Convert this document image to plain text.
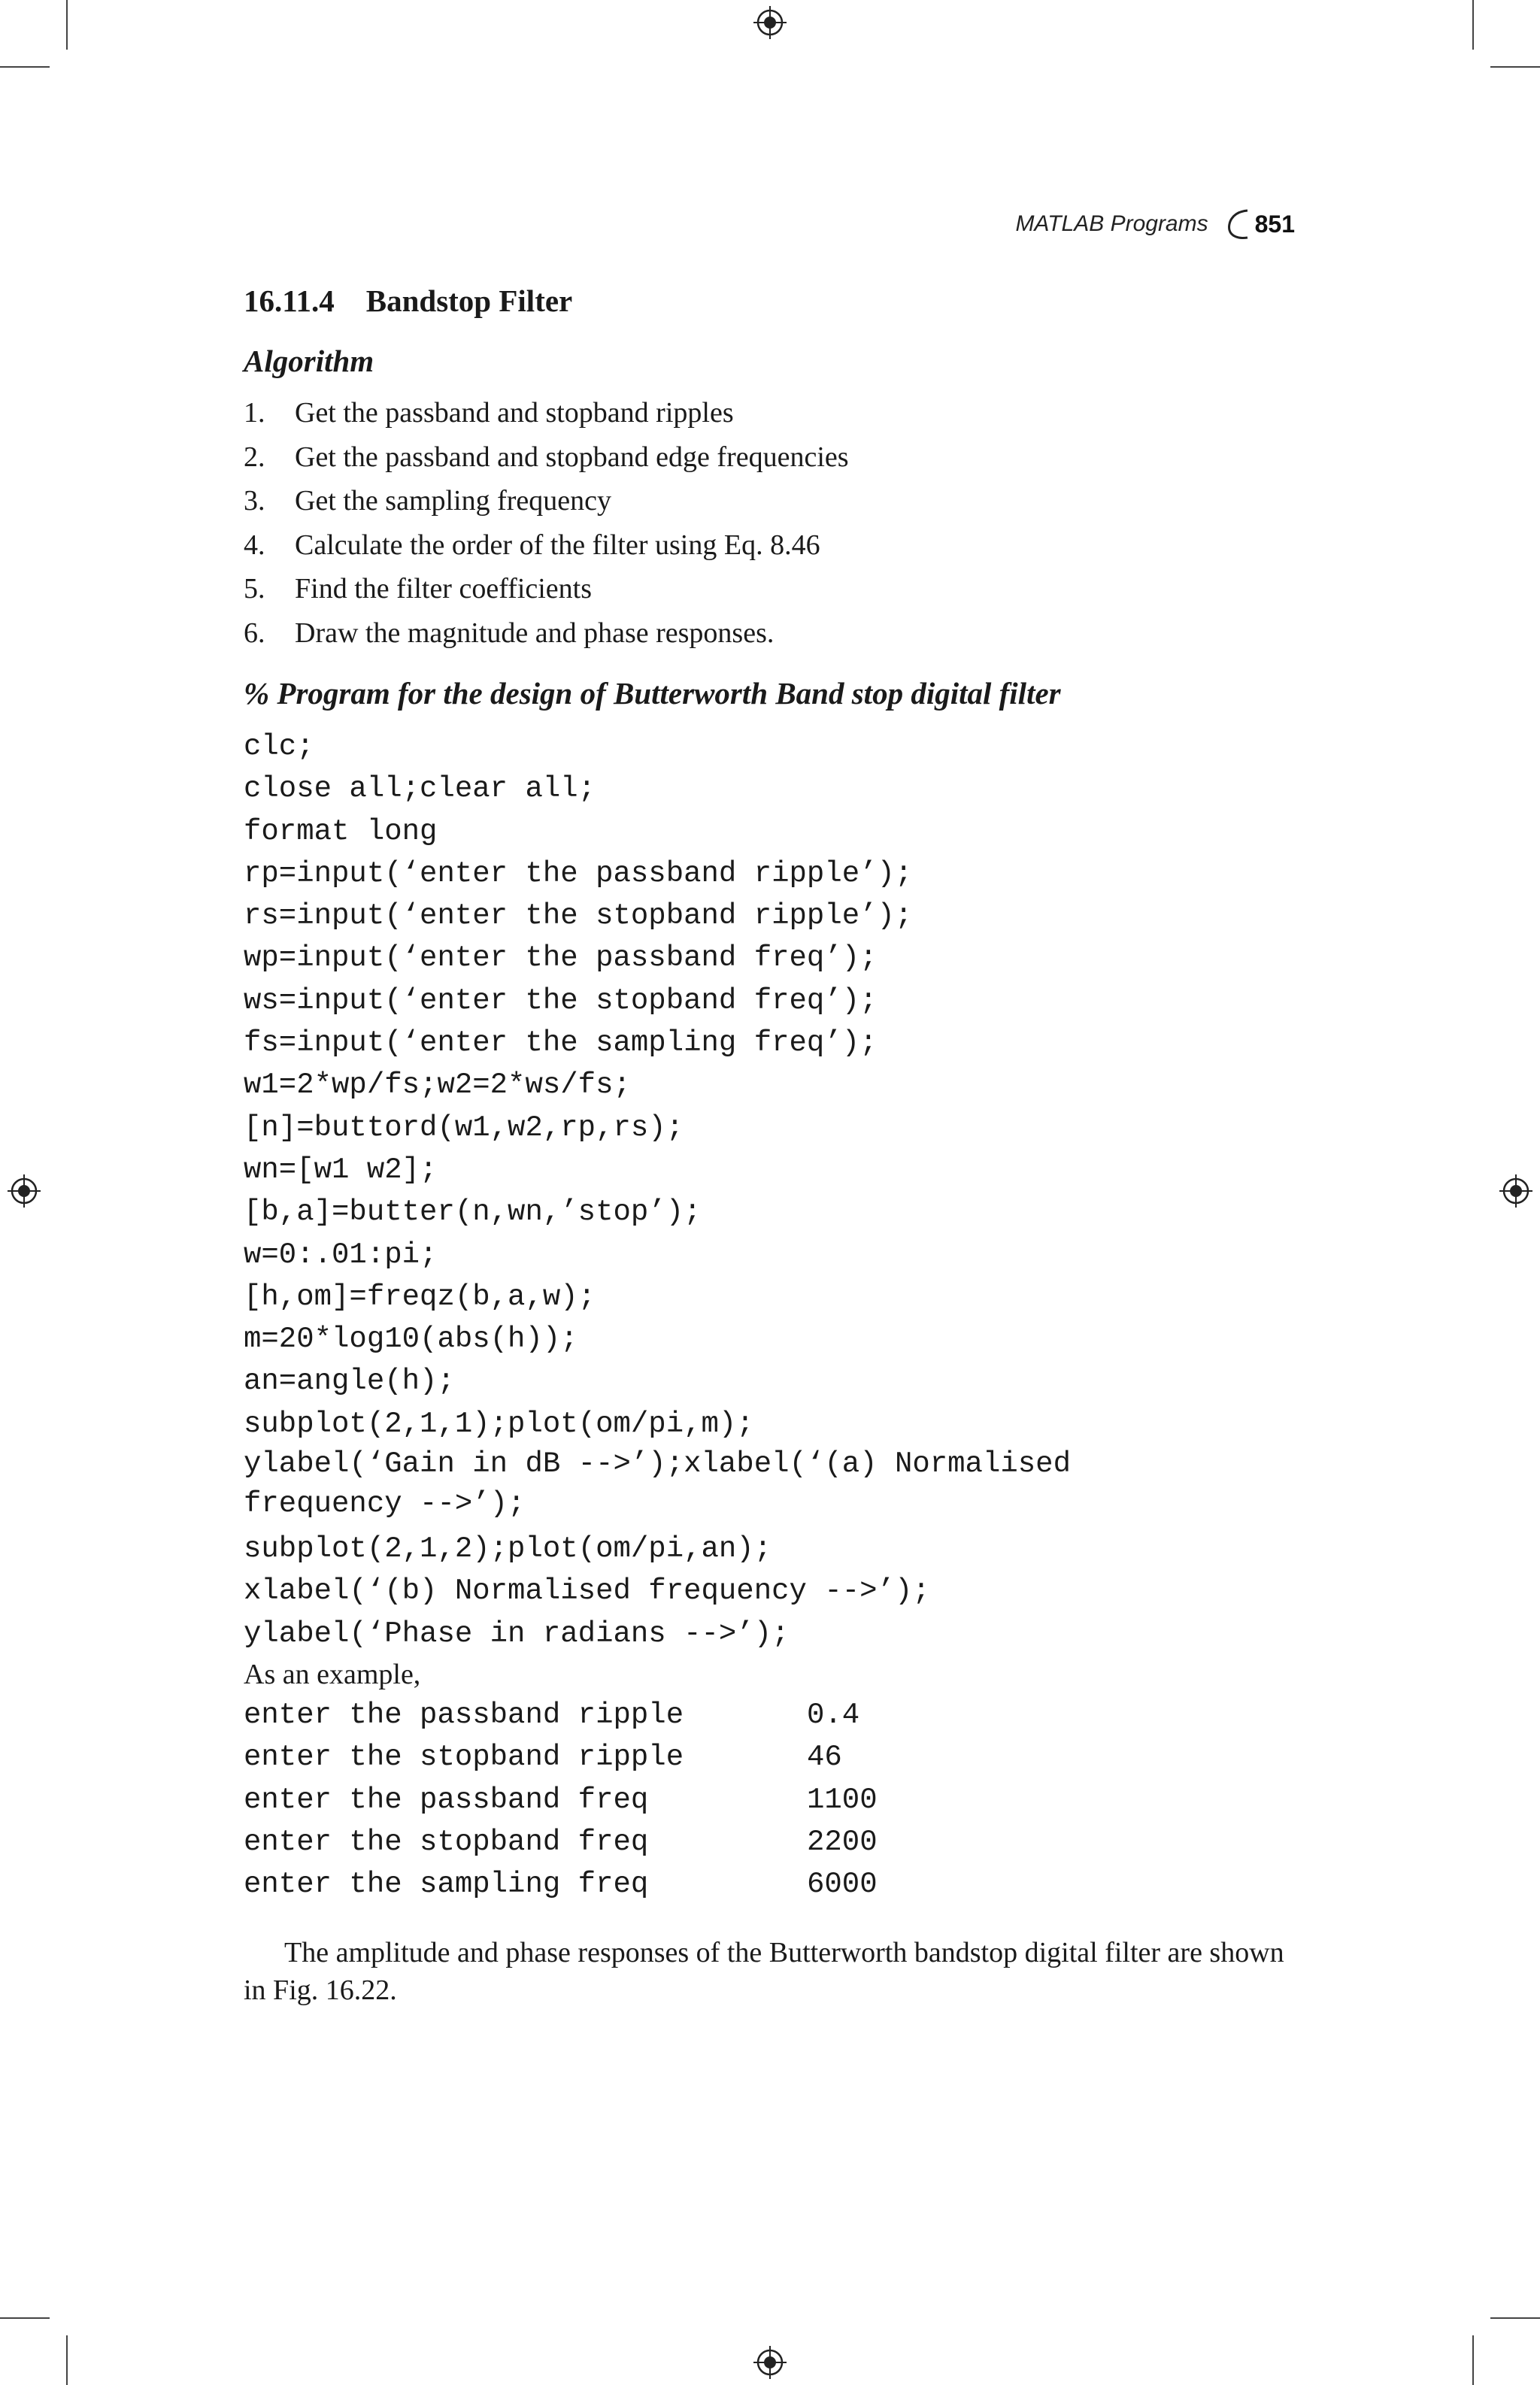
MATLAB Programs 851
16.11.4 Bandstop Filter
Algorithm
1.	Get the passband and stopband ripples
2.	Get the passband and stopband edge frequencies
3.	Get the sampling frequency
4.	Calculate the order of the filter using Eq. 8.46
5.	Find the filter coefficients
6.	Draw the magnitude and phase responses.
% Program for the design of Butterworth Band stop digital filter
clc;
close all;clear all;
format long
rp=input(‘enter the passband ripple’);
rs=input(‘enter the stopband ripple’);
wp=input(‘enter the passband freq’);
ws=input(‘enter the stopband freq’);
fs=input(‘enter the sampling freq’);
w1=2*wp/fs;w2=2*ws/fs;
[n]=buttord(w1,w2,rp,rs);
wn=[w1 w2];
[b,a]=butter(n,wn,’stop’);
w=0:.01:pi;
[h,om]=freqz(b,a,w);
m=20*log10(abs(h));
an=angle(h);
subplot(2,1,1);plot(om/pi,m);
ylabel(‘Gain in dB -->’);xlabel(‘(a) Normalised
frequency -->’);
subplot(2,1,2);plot(om/pi,an);
xlabel(‘(b) Normalised frequency -->’);
ylabel(‘Phase in radians -->’);
As an example,
enter the passband ripple	0.4
enter the stopband ripple	46
enter the passband freq	1100
enter the stopband freq	2200
enter the sampling freq	6000

The amplitude and phase responses of the Butterworth bandstop digital filter are shown in Fig. 16.22.
